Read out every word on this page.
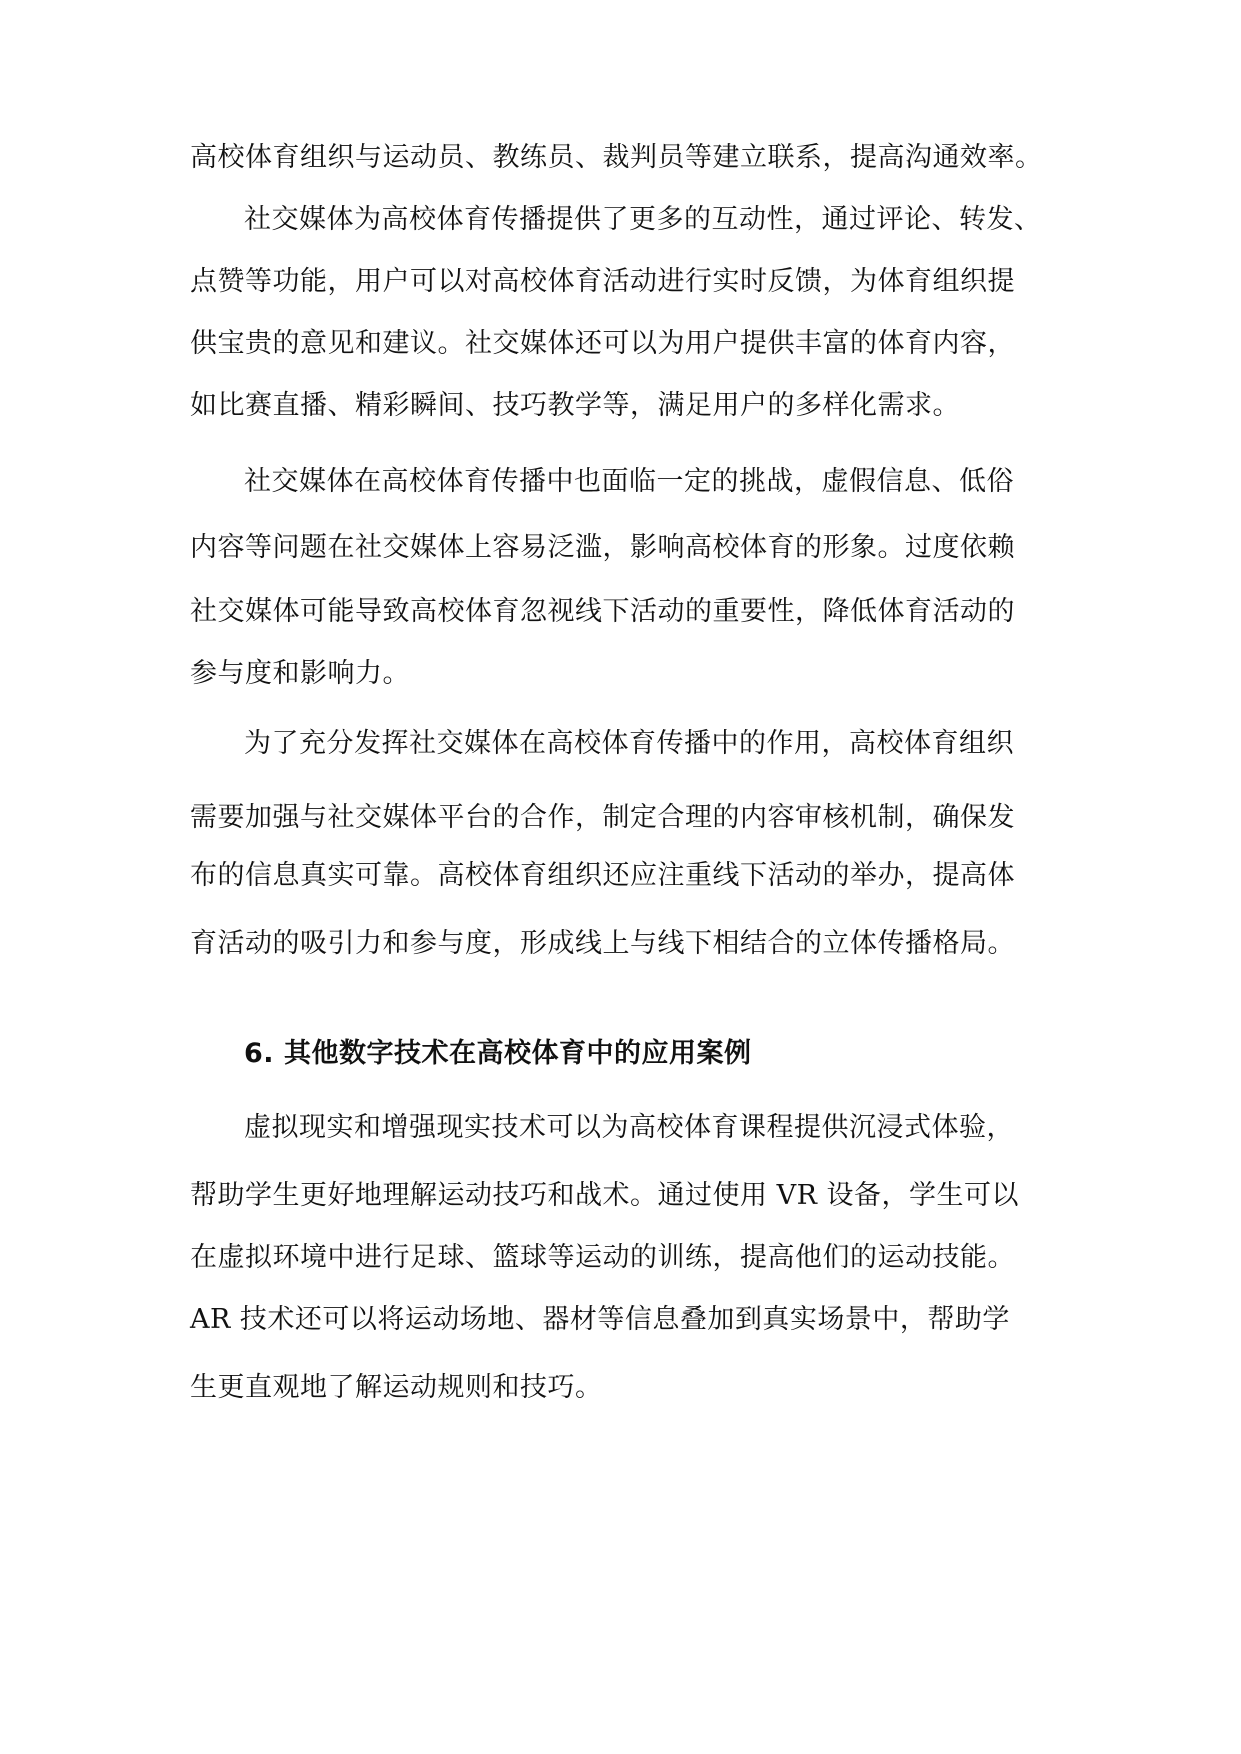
高校体育组织与运动员、教练员、裁判员等建立联系，提高沟通效率。
社交媒体为高校体育传播提供了更多的互动性，通过评论、转发、
点赞等功能，用户可以对高校体育活动进行实时反馈，为体育组织提
供宝贵的意见和建议。社交媒体还可以为用户提供丰富的体育内容，
如比赛直播、精彩瞬间、技巧教学等，满足用户的多样化需求。
社交媒体在高校体育传播中也面临一定的挑战，虚假信息、低俗
内容等问题在社交媒体上容易泛滥，影响高校体育的形象。过度依赖
社交媒体可能导致高校体育忽视线下活动的重要性，降低体育活动的
参与度和影响力。
为了充分发挥社交媒体在高校体育传播中的作用，高校体育组织
需要加强与社交媒体平台的合作，制定合理的内容审核机制，确保发
布的信息真实可靠。高校体育组织还应注重线下活动的举办，提高体
育活动的吸引力和参与度，形成线上与线下相结合的立体传播格局。
6. 其他数字技术在高校体育中的应用案例
虚拟现实和增强现实技术可以为高校体育课程提供沉浸式体验，
帮助学生更好地理解运动技巧和战术。通过使用 VR 设备，学生可以
在虚拟环境中进行足球、篮球等运动的训练，提高他们的运动技能。
AR 技术还可以将运动场地、器材等信息叠加到真实场景中，帮助学
生更直观地了解运动规则和技巧。
